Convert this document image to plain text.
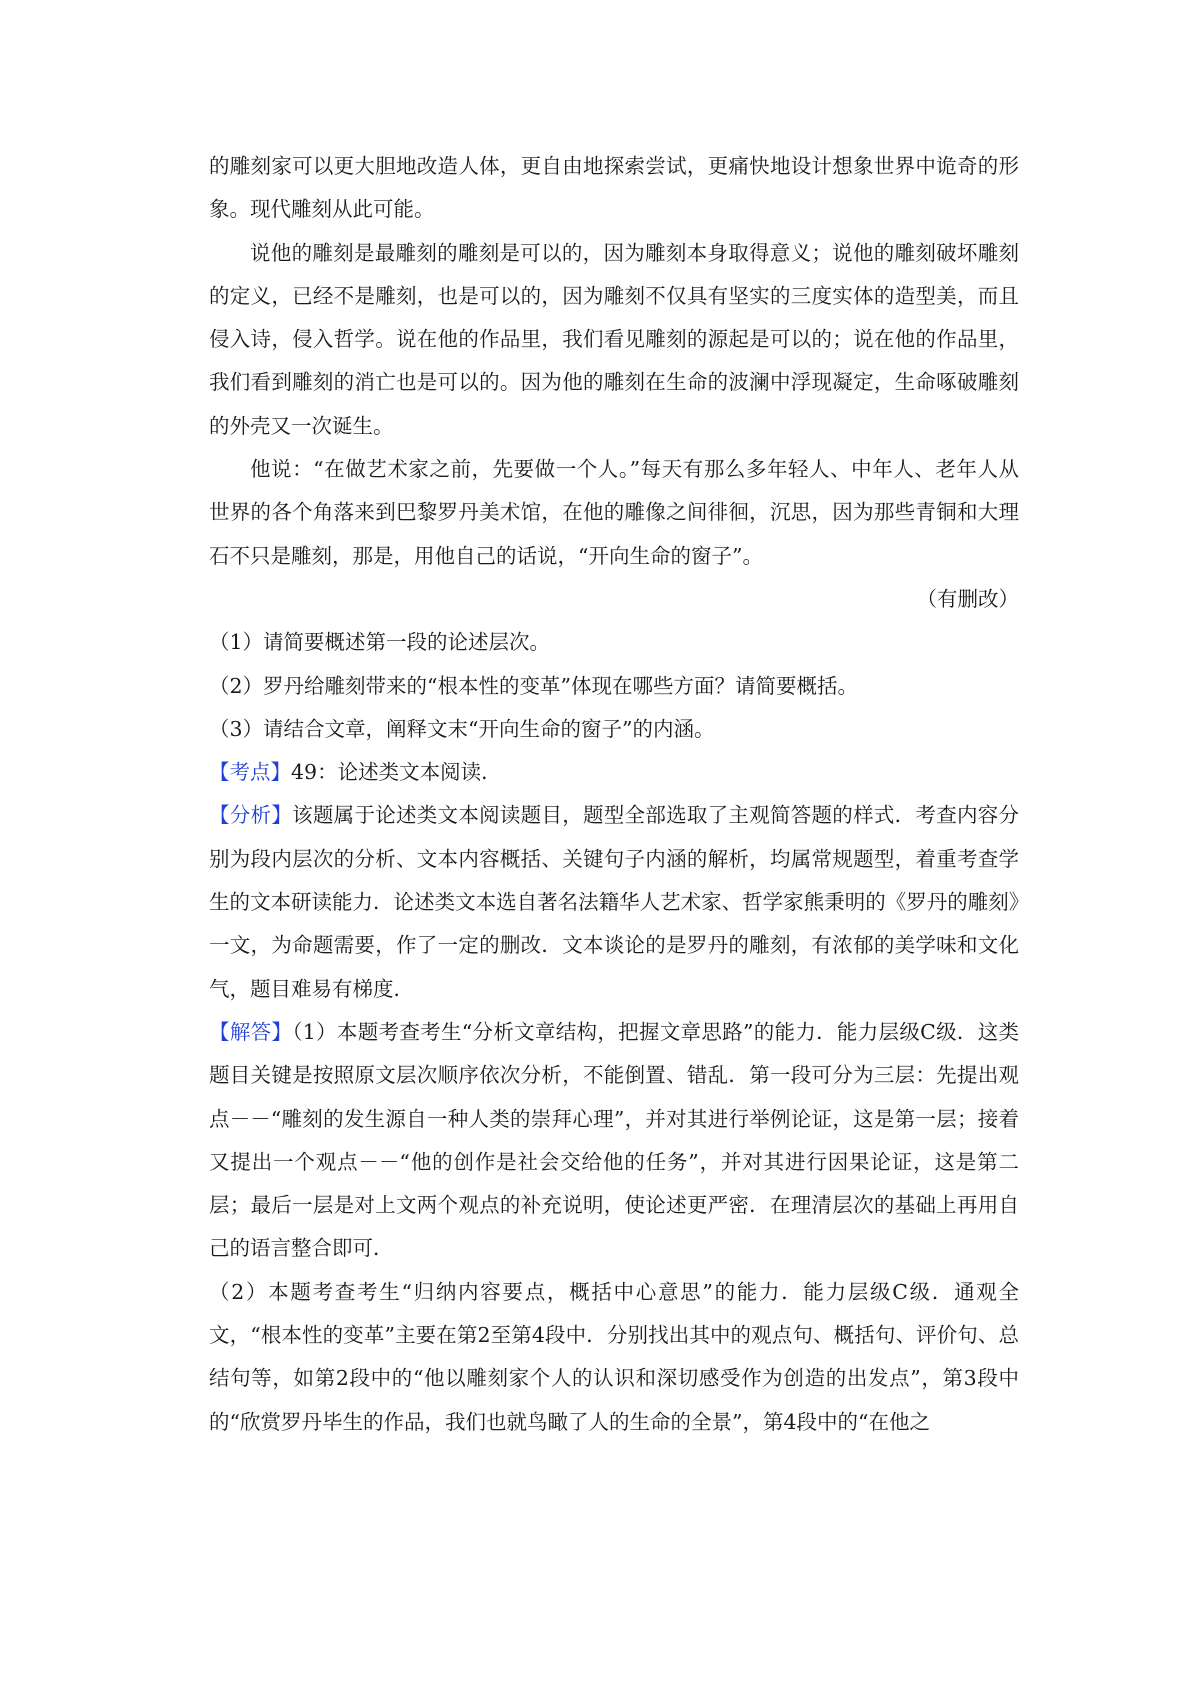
的雕刻家可以更大胆地改造人体，更自由地探索尝试，更痛快地设计想象世界中诡奇的形象。现代雕刻从此可能。

说他的雕刻是最雕刻的雕刻是可以的，因为雕刻本身取得意义；说他的雕刻破坏雕刻的定义，已经不是雕刻，也是可以的，因为雕刻不仅具有坚实的三度实体的造型美，而且侵入诗，侵入哲学。说在他的作品里，我们看见雕刻的源起是可以的；说在他的作品里，我们看到雕刻的消亡也是可以的。因为他的雕刻在生命的波澜中浮现凝定，生命啄破雕刻的外壳又一次诞生。

他说：“在做艺术家之前，先要做一个人。”每天有那么多年轻人、中年人、老年人从世界的各个角落来到巴黎罗丹美术馆，在他的雕像之间徘徊，沉思，因为那些青铜和大理石不只是雕刻，那是，用他自己的话说，“开向生命的窗子”。

（有删改）

（1）请简要概述第一段的论述层次。

（2）罗丹给雕刻带来的“根本性的变革”体现在哪些方面？请简要概括。

（3）请结合文章，阐释文末“开向生命的窗子”的内涵。

【考点】49：论述类文本阅读．

【分析】该题属于论述类文本阅读题目，题型全部选取了主观简答题的样式．考查内容分别为段内层次的分析、文本内容概括、关键句子内涵的解析，均属常规题型，着重考查学生的文本研读能力．论述类文本选自著名法籍华人艺术家、哲学家熊秉明的《罗丹的雕刻》一文，为命题需要，作了一定的删改．文本谈论的是罗丹的雕刻，有浓郁的美学味和文化气，题目难易有梯度．

【解答】（1）本题考查考生“分析文章结构，把握文章思路”的能力．能力层级C级．这类题目关键是按照原文层次顺序依次分析，不能倒置、错乱．第一段可分为三层：先提出观点－－“雕刻的发生源自一种人类的崇拜心理”，并对其进行举例论证，这是第一层；接着又提出一个观点－－“他的创作是社会交给他的任务”，并对其进行因果论证，这是第二层；最后一层是对上文两个观点的补充说明，使论述更严密．在理清层次的基础上再用自己的语言整合即可．

（2）本题考查考生“归纳内容要点，概括中心意思”的能力．能力层级C级．通观全文，“根本性的变革”主要在第2至第4段中．分别找出其中的观点句、概括句、评价句、总结句等，如第2段中的“他以雕刻家个人的认识和深切感受作为创造的出发点”，第3段中的“欣赏罗丹毕生的作品，我们也就鸟瞰了人的生命的全景”，第4段中的“在他之
